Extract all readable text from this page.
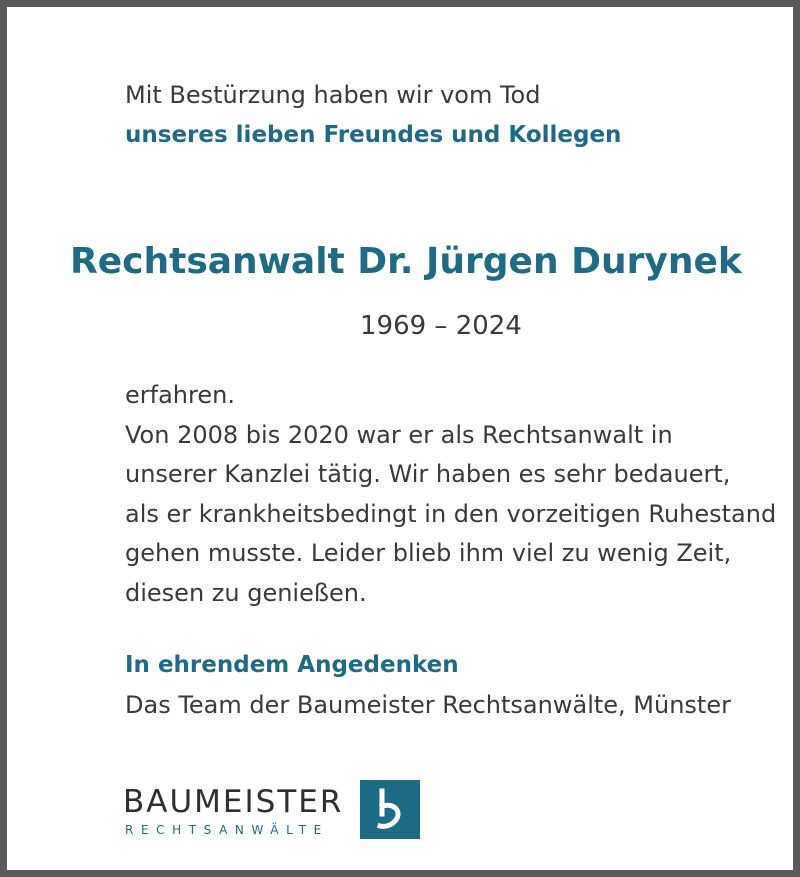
Mit Bestürzung haben wir vom Tod
unseres lieben Freundes und Kollegen
Rechtsanwalt Dr. Jürgen Durynek
1969 – 2024
erfahren.
Von 2008 bis 2020 war er als Rechtsanwalt in
unserer Kanzlei tätig. Wir haben es sehr bedauert,
als er krankheitsbedingt in den vorzeitigen Ruhestand
gehen musste. Leider blieb ihm viel zu wenig Zeit,
diesen zu genießen.
In ehrendem Angedenken
Das Team der Baumeister Rechtsanwälte, Münster
BAUMEISTER
RECHTSANWÄLTE
